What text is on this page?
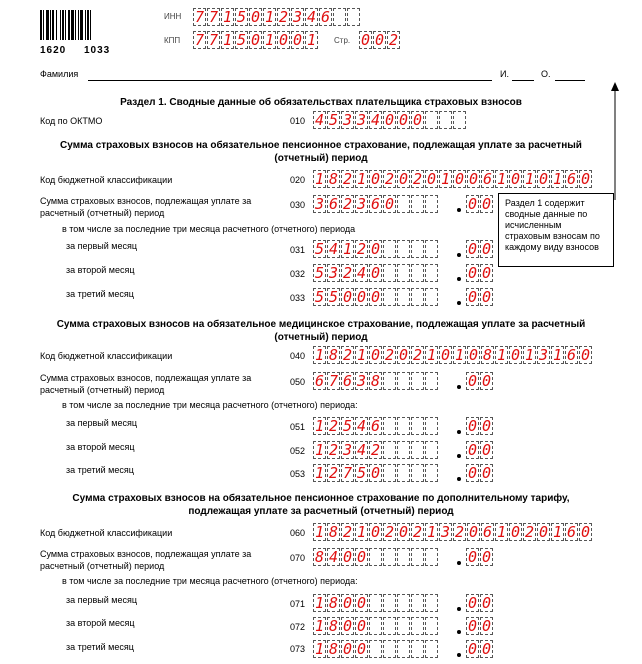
1620 1033
ИНН 7 7 1 5 0 1 2 3 4 6
КПП 7 7 1 5 0 1 0 0 1 Стр. 0 0 2
Фамилия	И.	О.
Раздел 1. Сводные данные об обязательствах плательщика страховых взносов
Код по ОКТМО	010 4 5 3 3 4 0 0 0
Сумма страховых взносов на обязательное пенсионное страхование, подлежащая уплате за расчетный
(отчетный) период
Код бюджетной классификации	020 1 8 2 1 0 2 0 2 0 1 0 0 6 1 0 1 0 1 6 0
Сумма страховых взносов, подлежащая уплате за
расчетный (отчетный) период
030 3 6 2 3 6 0	0 0
в том числе за последние три месяца расчетного (отчетного) периода
за первый месяц	031 5 4 1 2 0	0 0
за второй месяц	032 5 3 2 4 0	0 0
за третий месяц	033 5 5 0 0 0	0 0
Сумма страховых взносов на обязательное медицинское страхование, подлежащая уплате за расчетный
(отчетный) период
Код бюджетной классификации	040 1 8 2 1 0 2 0 2 1 0 1 0 8 1 0 1 3 1 6 0
Сумма страховых взносов, подлежащая уплате за
расчетный (отчетный) период
050 6 7 6 3 8	0 0
в том числе за последние три месяца расчетного (отчетного) периода:
за первый месяц	051 1 2 5 4 6	0 0
за второй месяц	052 1 2 3 4 2	0 0
за третий месяц	053 1 2 7 5 0	0 0
Сумма страховых взносов на обязательное пенсионное страхование по дополнительному тарифу,
подлежащая уплате за расчетный (отчетный) период
Код бюджетной классификации	060 1 8 2 1 0 2 0 2 1 3 2 0 6 1 0 2 0 1 6 0
Сумма страховых взносов, подлежащая уплате за
расчетный (отчетный) период
070 8 4 0 0	0 0
в том числе за последние три месяца расчетного (отчетного) периода:
за первый месяц	071 1 8 0 0	0 0
за второй месяц	072 1 8 0 0	0 0
за третий месяц	073 1 8 0 0	0 0
Раздел 1 содержит сводные данные по исчисленным страховым взносам по каждому виду взносов
